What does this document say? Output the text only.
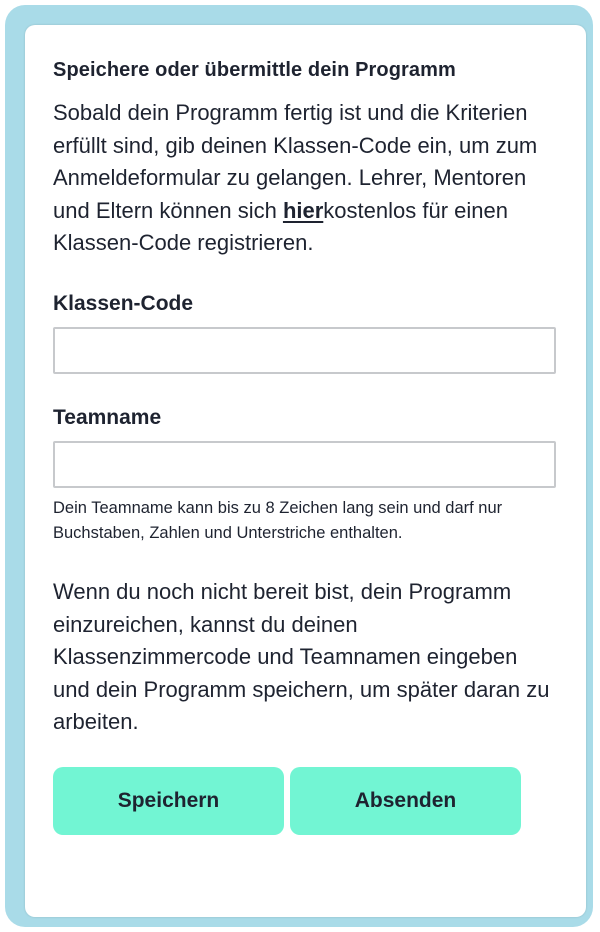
Speichere oder übermittle dein Programm

Sobald dein Programm fertig ist und die Kriterien erfüllt sind, gib deinen Klassen-Code ein, um zum Anmeldeformular zu gelangen. Lehrer, Mentoren und Eltern können sich hierkostenlos für einen Klassen-Code registrieren.

Klassen-Code
Teamname

Dein Teamname kann bis zu 8 Zeichen lang sein und darf nur Buchstaben, Zahlen und Unterstriche enthalten.

Wenn du noch nicht bereit bist, dein Programm einzureichen, kannst du deinen Klassenzimmercode und Teamnamen eingeben und dein Programm speichern, um später daran zu arbeiten.

Speichern	Absenden
